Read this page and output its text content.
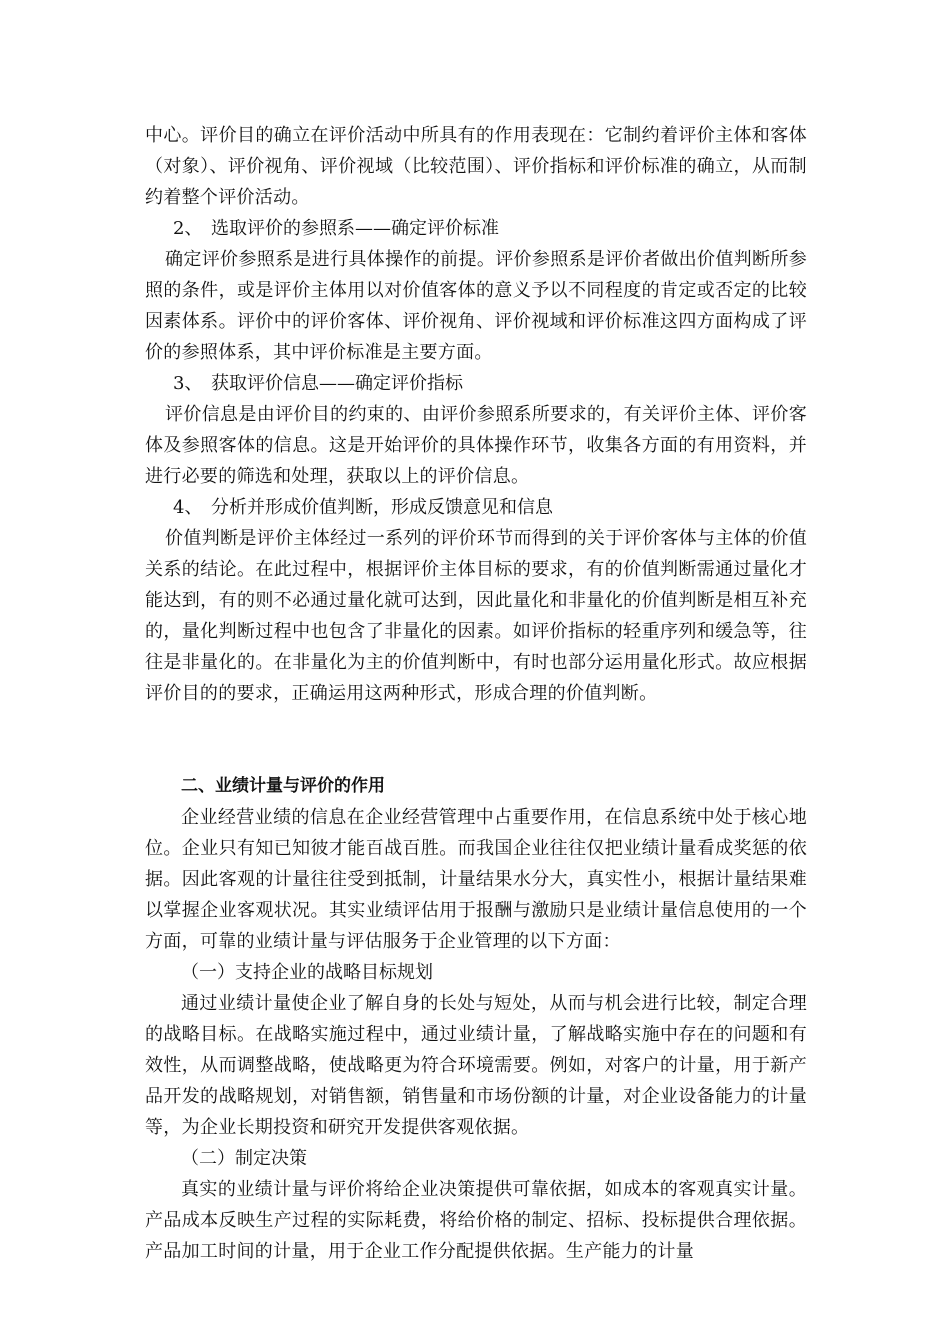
中心。评价目的确立在评价活动中所具有的作用表现在：它制约着评价主体和客体（对象）、评价视角、评价视域（比较范围）、评价指标和评价标准的确立，从而制约着整个评价活动。

2、 选取评价的参照系——确定评价标准

确定评价参照系是进行具体操作的前提。评价参照系是评价者做出价值判断所参照的条件，或是评价主体用以对价值客体的意义予以不同程度的肯定或否定的比较因素体系。评价中的评价客体、评价视角、评价视域和评价标准这四方面构成了评价的参照体系，其中评价标准是主要方面。

3、 获取评价信息——确定评价指标

评价信息是由评价目的约束的、由评价参照系所要求的，有关评价主体、评价客体及参照客体的信息。这是开始评价的具体操作环节，收集各方面的有用资料，并进行必要的筛选和处理，获取以上的评价信息。

4、 分析并形成价值判断，形成反馈意见和信息

价值判断是评价主体经过一系列的评价环节而得到的关于评价客体与主体的价值关系的结论。在此过程中，根据评价主体目标的要求，有的价值判断需通过量化才能达到，有的则不必通过量化就可达到，因此量化和非量化的价值判断是相互补充的，量化判断过程中也包含了非量化的因素。如评价指标的轻重序列和缓急等，往往是非量化的。在非量化为主的价值判断中，有时也部分运用量化形式。故应根据评价目的的要求，正确运用这两种形式，形成合理的价值判断。

二、业绩计量与评价的作用

企业经营业绩的信息在企业经营管理中占重要作用，在信息系统中处于核心地位。企业只有知已知彼才能百战百胜。而我国企业往往仅把业绩计量看成奖惩的依据。因此客观的计量往往受到抵制，计量结果水分大，真实性小，根据计量结果难以掌握企业客观状况。其实业绩评估用于报酬与激励只是业绩计量信息使用的一个方面，可靠的业绩计量与评估服务于企业管理的以下方面：

（一）支持企业的战略目标规划

通过业绩计量使企业了解自身的长处与短处，从而与机会进行比较，制定合理的战略目标。在战略实施过程中，通过业绩计量，了解战略实施中存在的问题和有效性，从而调整战略，使战略更为符合环境需要。例如，对客户的计量，用于新产品开发的战略规划，对销售额，销售量和市场份额的计量，对企业设备能力的计量等，为企业长期投资和研究开发提供客观依据。

（二）制定决策

真实的业绩计量与评价将给企业决策提供可靠依据，如成本的客观真实计量。产品成本反映生产过程的实际耗费，将给价格的制定、招标、投标提供合理依据。产品加工时间的计量，用于企业工作分配提供依据。生产能力的计量
